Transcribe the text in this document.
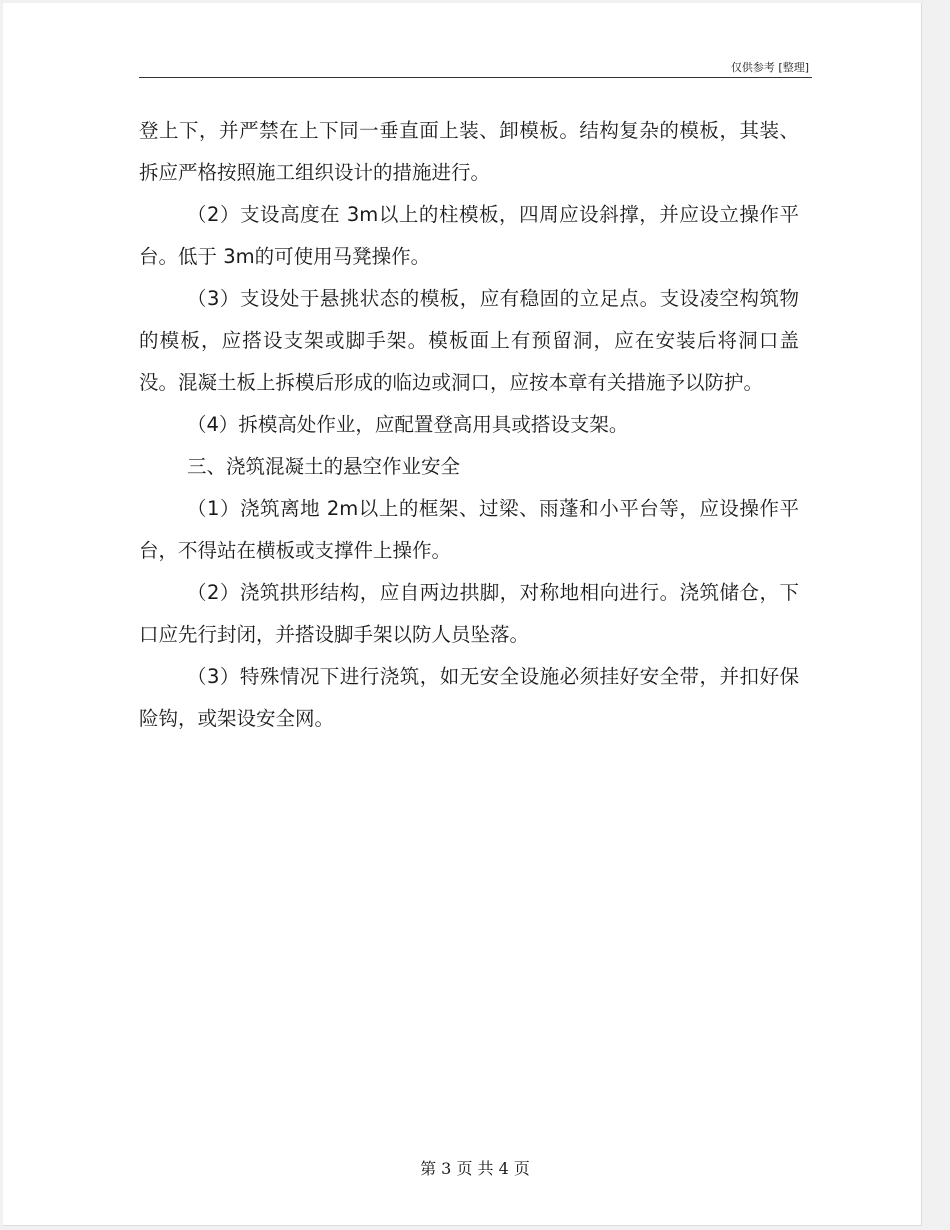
仅供参考 [整理]

登上下，并严禁在上下同一垂直面上装、卸模板。结构复杂的模板，其装、拆应严格按照施工组织设计的措施进行。

（2）支设高度在 3m以上的柱模板，四周应设斜撑，并应设立操作平台。低于 3m的可使用马凳操作。

（3）支设处于悬挑状态的模板，应有稳固的立足点。支设凌空构筑物的模板，应搭设支架或脚手架。模板面上有预留洞，应在安装后将洞口盖没。混凝土板上拆模后形成的临边或洞口，应按本章有关措施予以防护。

（4）拆模高处作业，应配置登高用具或搭设支架。

三、浇筑混凝土的悬空作业安全

（1）浇筑离地 2m以上的框架、过梁、雨蓬和小平台等，应设操作平台，不得站在横板或支撑件上操作。

（2）浇筑拱形结构，应自两边拱脚，对称地相向进行。浇筑储仓，下口应先行封闭，并搭设脚手架以防人员坠落。

（3）特殊情况下进行浇筑，如无安全设施必须挂好安全带，并扣好保险钩，或架设安全网。

第 3 页 共 4 页
